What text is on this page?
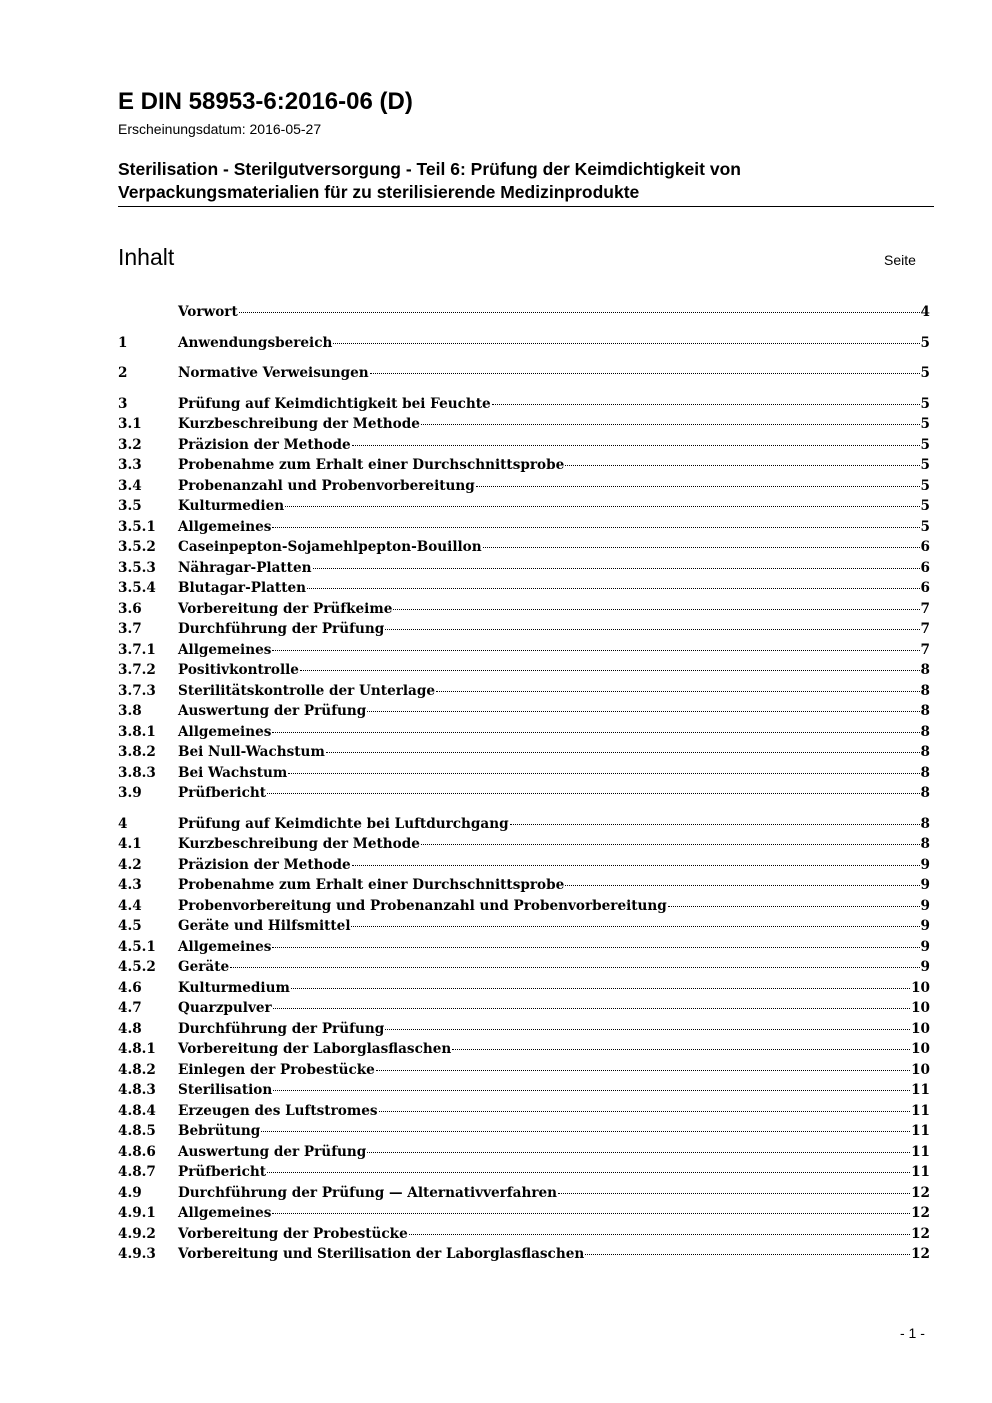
E DIN 58953-6:2016-06 (D)
Erscheinungsdatum: 2016-05-27
Sterilisation - Sterilgutversorgung - Teil 6: Prüfung der Keimdichtigkeit von Verpackungsmaterialien für zu sterilisierende Medizinprodukte
Inhalt	Seite
Vorwort	4
1	Anwendungsbereich	5
2	Normative Verweisungen	5
3	Prüfung auf Keimdichtigkeit bei Feuchte	5
3.1	Kurzbeschreibung der Methode	5
3.2	Präzision der Methode	5
3.3	Probenahme zum Erhalt einer Durchschnittsprobe	5
3.4	Probenanzahl und Probenvorbereitung	5
3.5	Kulturmedien	5
3.5.1	Allgemeines	5
3.5.2	Caseinpepton-Sojamehlpepton-Bouillon	6
3.5.3	Nähragar-Platten	6
3.5.4	Blutagar-Platten	6
3.6	Vorbereitung der Prüfkeime	7
3.7	Durchführung der Prüfung	7
3.7.1	Allgemeines	7
3.7.2	Positivkontrolle	8
3.7.3	Sterilitätskontrolle der Unterlage	8
3.8	Auswertung der Prüfung	8
3.8.1	Allgemeines	8
3.8.2	Bei Null-Wachstum	8
3.8.3	Bei Wachstum	8
3.9	Prüfbericht	8
4	Prüfung auf Keimdichte bei Luftdurchgang	8
4.1	Kurzbeschreibung der Methode	8
4.2	Präzision der Methode	9
4.3	Probenahme zum Erhalt einer Durchschnittsprobe	9
4.4	Probenvorbereitung und Probenanzahl und Probenvorbereitung	9
4.5	Geräte und Hilfsmittel	9
4.5.1	Allgemeines	9
4.5.2	Geräte	9
4.6	Kulturmedium	10
4.7	Quarzpulver	10
4.8	Durchführung der Prüfung	10
4.8.1	Vorbereitung der Laborglasflaschen	10
4.8.2	Einlegen der Probestücke	10
4.8.3	Sterilisation	11
4.8.4	Erzeugen des Luftstromes	11
4.8.5	Bebrütung	11
4.8.6	Auswertung der Prüfung	11
4.8.7	Prüfbericht	11
4.9	Durchführung der Prüfung — Alternativverfahren	12
4.9.1	Allgemeines	12
4.9.2	Vorbereitung der Probestücke	12
4.9.3	Vorbereitung und Sterilisation der Laborglasflaschen	12
- 1 -
